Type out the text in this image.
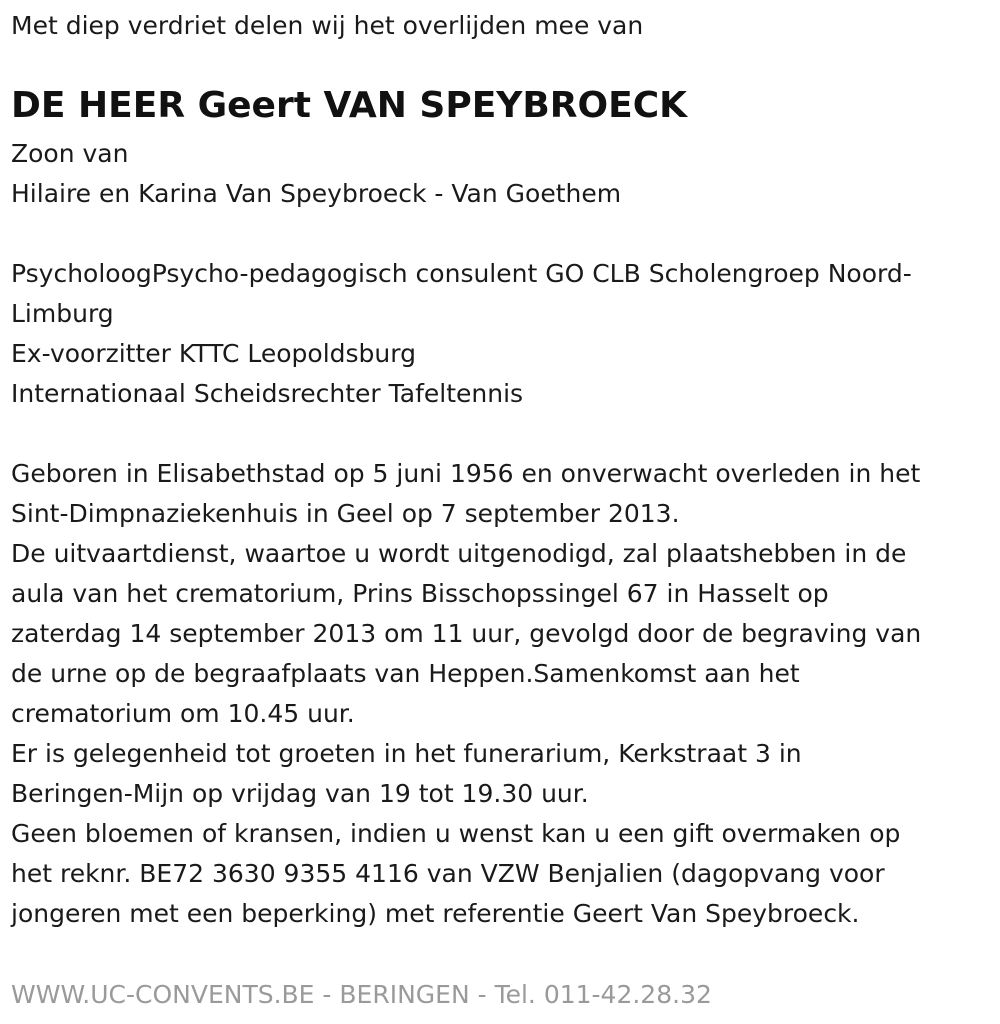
Met diep verdriet delen wij het overlijden mee van
DE HEER Geert VAN SPEYBROECK
Zoon van
Hilaire en Karina Van Speybroeck - Van Goethem
PsycholoogPsycho-pedagogisch consulent GO CLB Scholengroep Noord-
Limburg
Ex-voorzitter KTTC Leopoldsburg
Internationaal Scheidsrechter Tafeltennis
Geboren in Elisabethstad op 5 juni 1956 en onverwacht overleden in het
Sint-Dimpnaziekenhuis in Geel op 7 september 2013.
De uitvaartdienst, waartoe u wordt uitgenodigd, zal plaatshebben in de
aula van het crematorium, Prins Bisschopssingel 67 in Hasselt op
zaterdag 14 september 2013 om 11 uur, gevolgd door de begraving van
de urne op de begraafplaats van Heppen.Samenkomst aan het
crematorium om 10.45 uur.
Er is gelegenheid tot groeten in het funerarium, Kerkstraat 3 in
Beringen-Mijn op vrijdag van 19 tot 19.30 uur.
Geen bloemen of kransen, indien u wenst kan u een gift overmaken op
het reknr. BE72 3630 9355 4116 van VZW Benjalien (dagopvang voor
jongeren met een beperking) met referentie Geert Van Speybroeck.
WWW.UC-CONVENTS.BE - BERINGEN - Tel. 011-42.28.32
